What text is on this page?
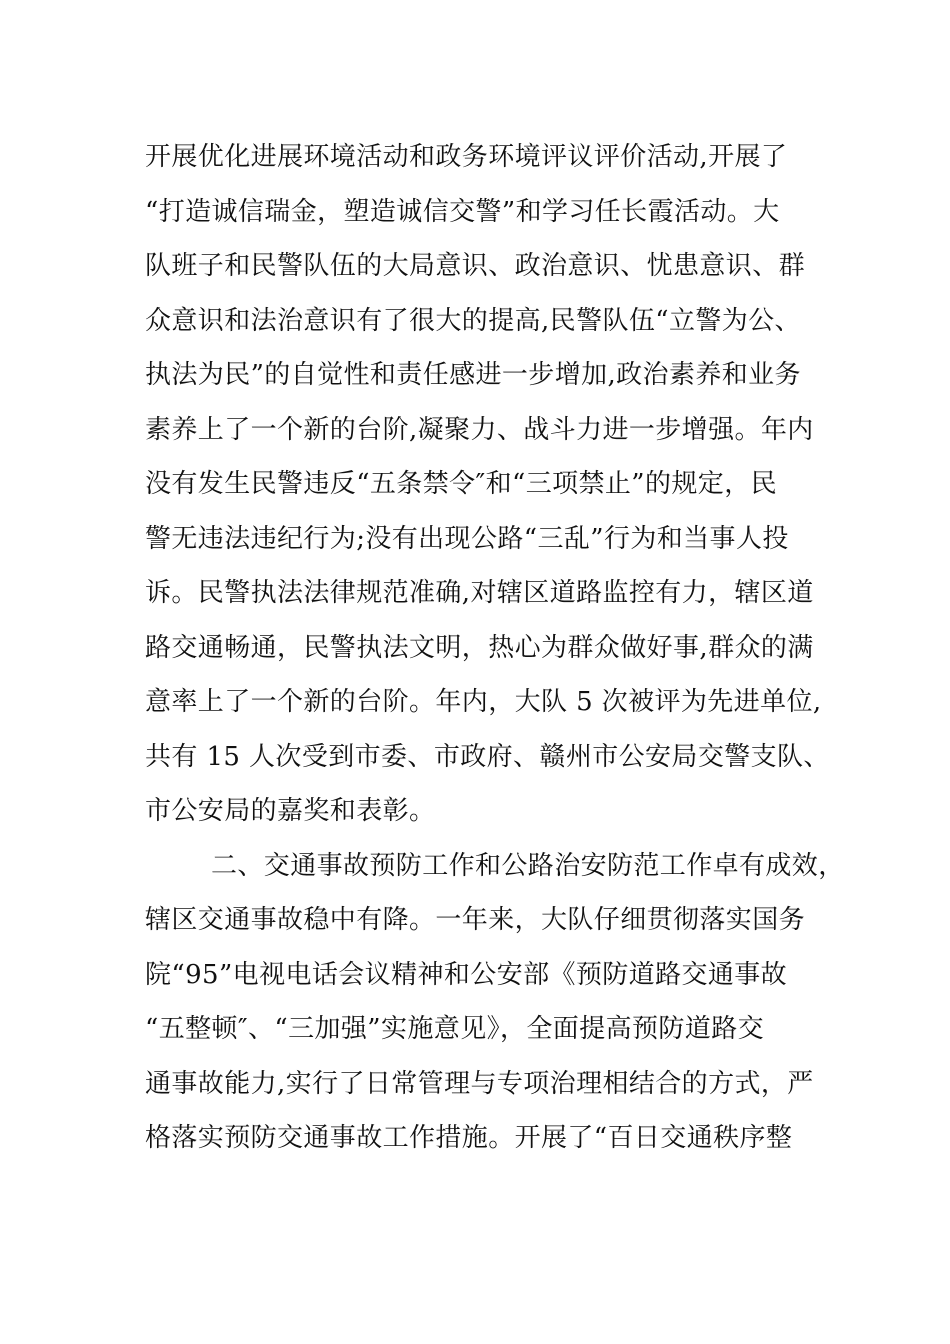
开展优化进展环境活动和政务环境评议评价活动,开展了
“打造诚信瑞金，塑造诚信交警”和学习任长霞活动。大
队班子和民警队伍的大局意识、政治意识、忧患意识、群
众意识和法治意识有了很大的提高,民警队伍“立警为公、
执法为民”的自觉性和责任感进一步增加,政治素养和业务
素养上了一个新的台阶,凝聚力、战斗力进一步增强。年内
没有发生民警违反“五条禁令″和“三项禁止”的规定，民
警无违法违纪行为;没有出现公路“三乱”行为和当事人投
诉。民警执法法律规范准确,对辖区道路监控有力，辖区道
路交通畅通，民警执法文明，热心为群众做好事,群众的满
意率上了一个新的台阶。年内，大队 5 次被评为先进单位,
共有 15 人次受到市委、市政府、赣州市公安局交警支队、
市公安局的嘉奖和表彰。
二、交通事故预防工作和公路治安防范工作卓有成效，
辖区交通事故稳中有降。一年来，大队仔细贯彻落实国务
院“95”电视电话会议精神和公安部《预防道路交通事故
“五整顿″、“三加强”实施意见》，全面提高预防道路交
通事故能力,实行了日常管理与专项治理相结合的方式，严
格落实预防交通事故工作措施。开展了“百日交通秩序整
